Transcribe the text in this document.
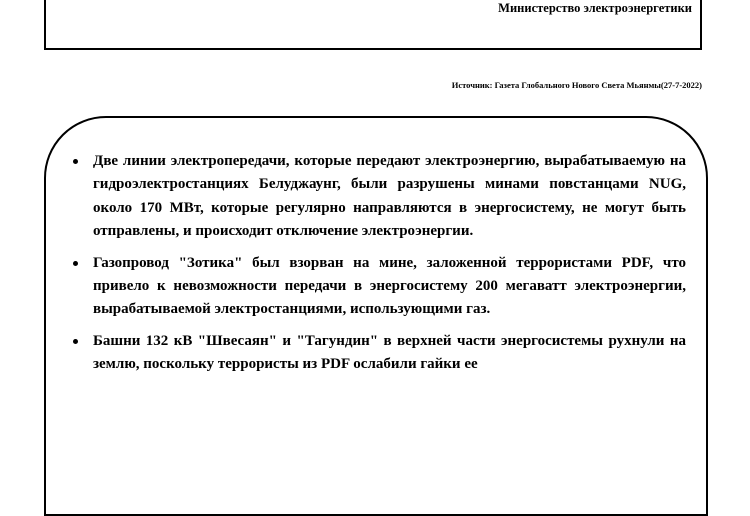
Министерство электроэнергетики
Источник: Газета Глобального Нового Света Мьянмы(27-7-2022)

Две линии электропередачи, которые передают электроэнергию, вырабатываемую на гидроэлектростанциях Белуджаунг, были разрушены минами повстанцами NUG, около 170 МВт, которые регулярно направляются в энергосистему, не могут быть отправлены, и происходит отключение электроэнергии.

Газопровод "Зотика" был взорван на мине, заложенной террористами PDF, что привело к невозможности передачи в энергосистему 200 мегаватт электроэнергии, вырабатываемой электростанциями, использующими газ.

Башни 132 кВ "Швесаян" и "Тагундин" в верхней части энергосистемы рухнули на землю, поскольку террористы из PDF ослабили гайки ее
